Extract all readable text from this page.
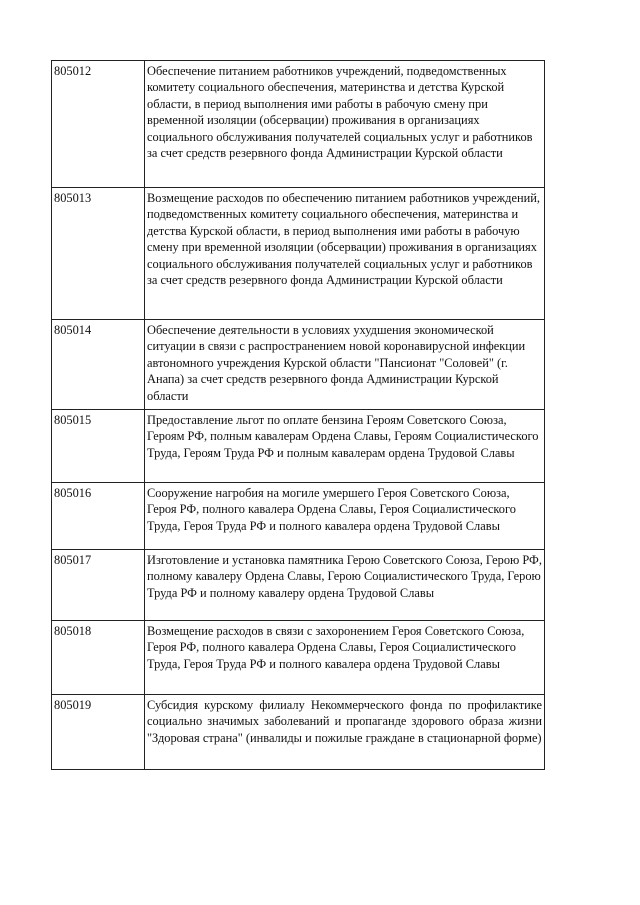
805012	Обеспечение питанием работников учреждений, подведомственных комитету социального обеспечения, материнства и детства Курской области, в период выполнения ими работы в рабочую смену при временной изоляции (обсервации) проживания в организациях социального обслуживания получателей социальных услуг и работников за счет средств резервного фонда Администрации Курской области
805013	Возмещение расходов по обеспечению питанием работников учреждений, подведомственных комитету социального обеспечения, материнства и детства Курской области, в период выполнения ими работы в рабочую смену при временной изоляции (обсервации) проживания в организациях социального обслуживания получателей социальных услуг и работников за счет средств резервного фонда Администрации Курской области
805014	Обеспечение деятельности в условиях ухудшения экономической ситуации в связи с распространением новой коронавирусной инфекции автономного учреждения Курской области "Пансионат "Соловей" (г. Анапа) за счет средств резервного фонда Администрации Курской области
805015	Предоставление льгот по оплате бензина Героям Советского Союза, Героям РФ, полным кавалерам Ордена Славы, Героям Социалистического Труда, Героям Труда РФ и полным кавалерам ордена Трудовой Славы
805016	Сооружение нагробия на могиле умершего Героя Советского Союза, Героя РФ, полного кавалера Ордена Славы, Героя Социалистического Труда, Героя Труда РФ и полного кавалера ордена Трудовой Славы
805017	Изготовление и установка памятника Герою Советского Союза, Герою РФ, полному кавалеру Ордена Славы, Герою Социалистического Труда, Герою Труда РФ и полному кавалеру ордена Трудовой Славы
805018	Возмещение расходов в связи с захоронением Героя Советского Союза, Героя РФ, полного кавалера Ордена Славы, Героя Социалистического Труда, Героя Труда РФ и полного кавалера ордена Трудовой Славы
805019	Субсидия курскому филиалу Некоммерческого фонда по профилактике социально значимых заболеваний и пропаганде здорового образа жизни "Здоровая страна" (инвалиды и пожилые граждане в стационарной форме)
